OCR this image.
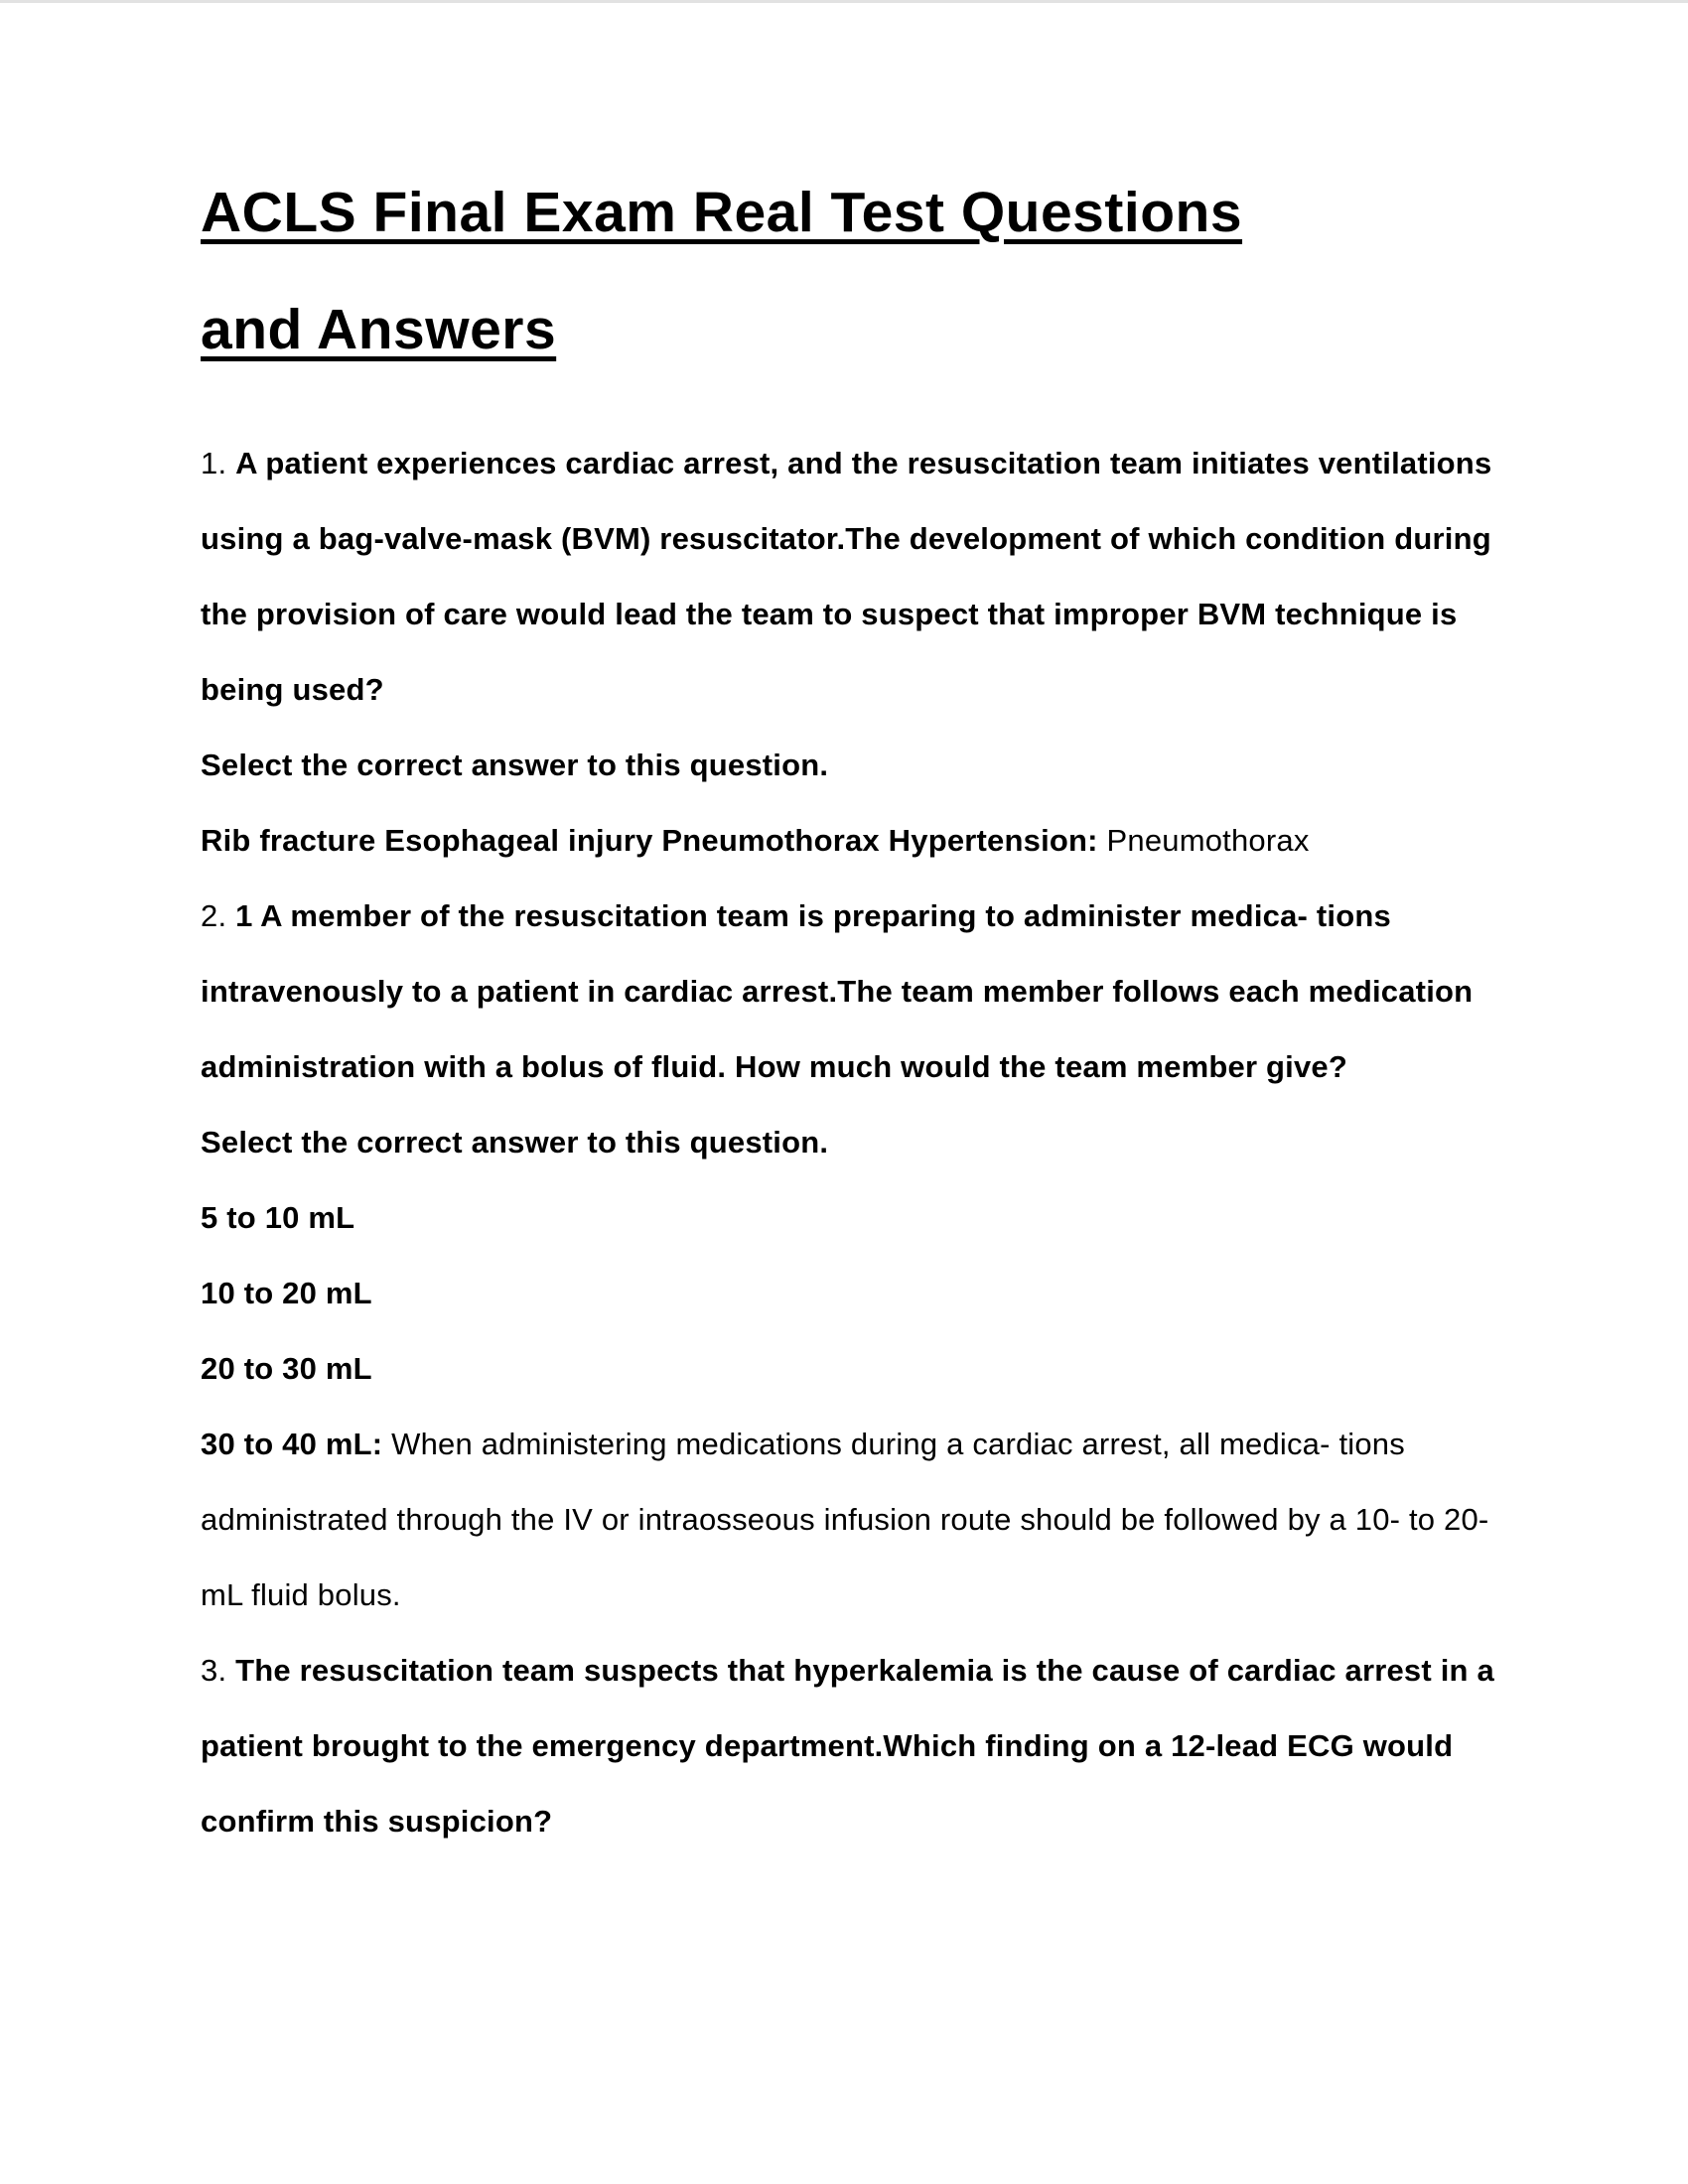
ACLS Final Exam Real Test Questions
and Answers

1. A patient experiences cardiac arrest, and the resuscitation team initiates ventilations using a bag-valve-mask (BVM) resuscitator.The development of which condition during the provision of care would lead the team to suspect that improper BVM technique is being used?

Select the correct answer to this question.

Rib fracture Esophageal injury Pneumothorax Hypertension: Pneumothorax

2. 1 A member of the resuscitation team is preparing to administer medica- tions intravenously to a patient in cardiac arrest.The team member follows each medication administration with a bolus of fluid. How much would the team member give?

Select the correct answer to this question.

5 to 10 mL

10 to 20 mL

20 to 30 mL

30 to 40 mL: When administering medications during a cardiac arrest, all medica- tions administrated through the IV or intraosseous infusion route should be followed by a 10- to 20-mL fluid bolus.

3. The resuscitation team suspects that hyperkalemia is the cause of cardiac arrest in a patient brought to the emergency department.Which finding on a 12-lead ECG would confirm this suspicion?
